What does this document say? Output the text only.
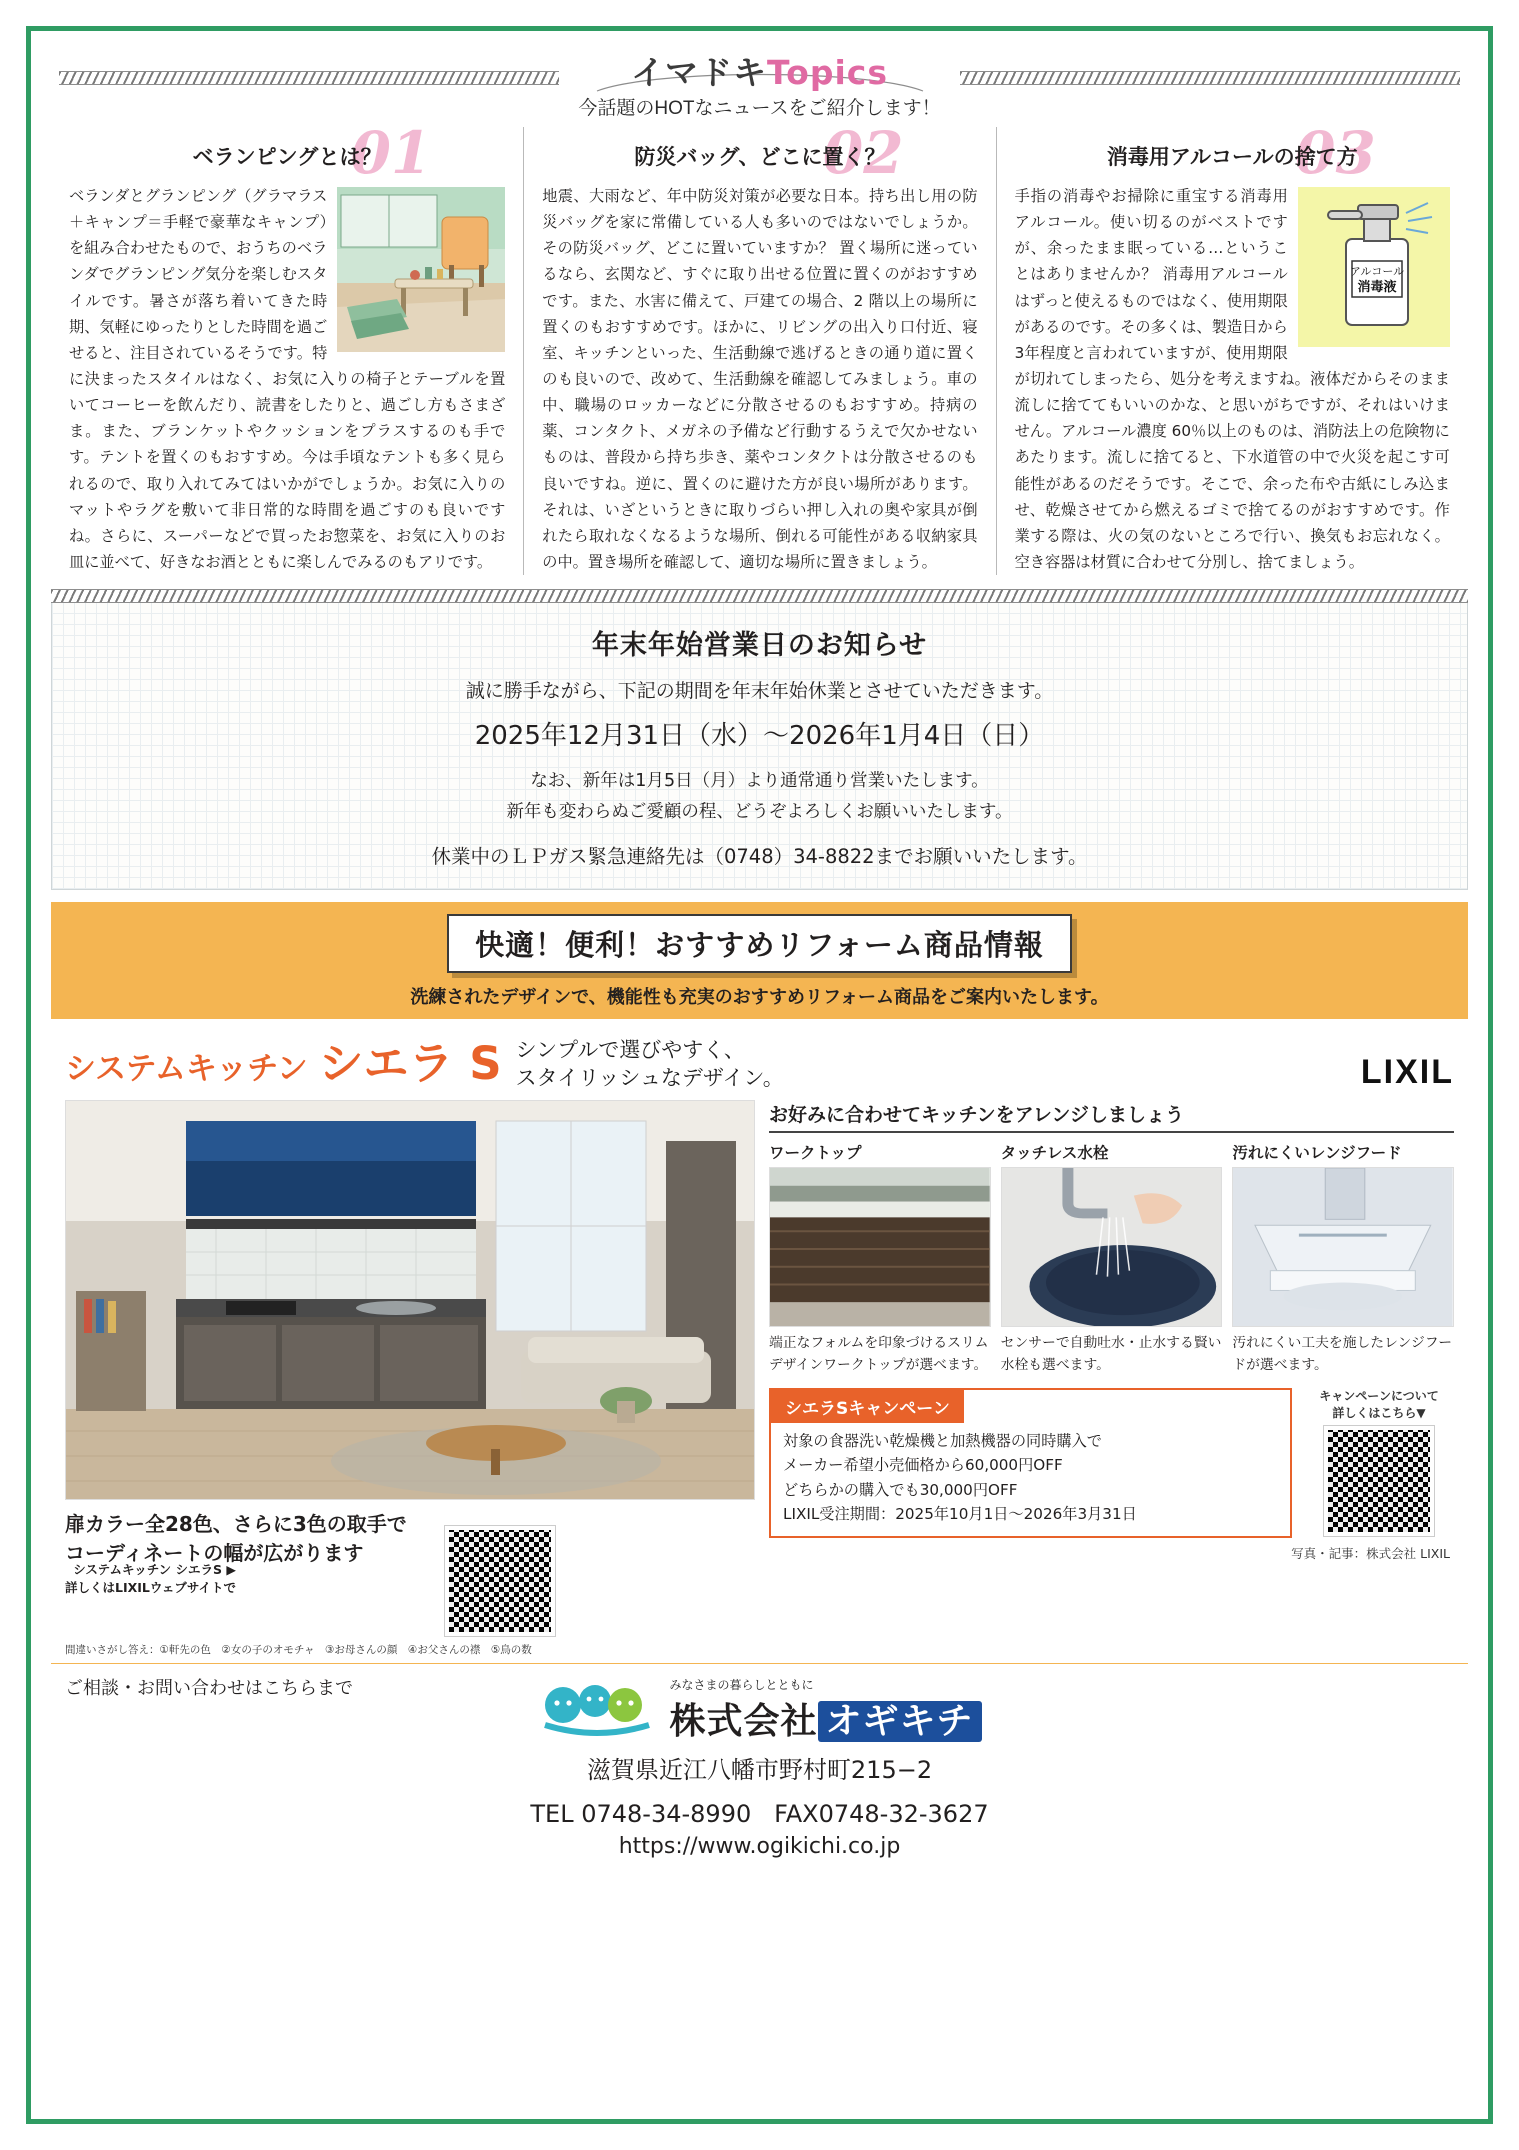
イマドキTopics
今話題のHOTなニュースをご紹介します！
01
ベランピングとは？
ベランダとグランピング（グラマラス＋キャンプ＝手軽で豪華なキャンプ）を組み合わせたもので、おうちのベランダでグランピング気分を楽しむスタイルです。暑さが落ち着いてきた時期、気軽にゆったりとした時間を過ごせると、注目されているそうです。特に決まったスタイルはなく、お気に入りの椅子とテーブルを置いてコーヒーを飲んだり、読書をしたりと、過ごし方もさまざま。また、ブランケットやクッションをプラスするのも手です。テントを置くのもおすすめ。今は手頃なテントも多く見られるので、取り入れてみてはいかがでしょうか。お気に入りのマットやラグを敷いて非日常的な時間を過ごすのも良いですね。さらに、スーパーなどで買ったお惣菜を、お気に入りのお皿に並べて、好きなお酒とともに楽しんでみるのもアリです。
02
防災バッグ、どこに置く？
地震、大雨など、年中防災対策が必要な日本。持ち出し用の防災バッグを家に常備している人も多いのではないでしょうか。その防災バッグ、どこに置いていますか？ 置く場所に迷っているなら、玄関など、すぐに取り出せる位置に置くのがおすすめです。また、水害に備えて、戸建ての場合、2 階以上の場所に置くのもおすすめです。ほかに、リビングの出入り口付近、寝室、キッチンといった、生活動線で逃げるときの通り道に置くのも良いので、改めて、生活動線を確認してみましょう。車の中、職場のロッカーなどに分散させるのもおすすめ。持病の薬、コンタクト、メガネの予備など行動するうえで欠かせないものは、普段から持ち歩き、薬やコンタクトは分散させるのも良いですね。逆に、置くのに避けた方が良い場所があります。それは、いざというときに取りづらい押し入れの奥や家具が倒れたら取れなくなるような場所、倒れる可能性がある収納家具の中。置き場所を確認して、適切な場所に置きましょう。
03
消毒用アルコールの捨て方
アルコール
消毒液
手指の消毒やお掃除に重宝する消毒用アルコール。使い切るのがベストですが、余ったまま眠っている…ということはありませんか？ 消毒用アルコールはずっと使えるものではなく、使用期限があるのです。その多くは、製造日から3年程度と言われていますが、使用期限が切れてしまったら、処分を考えますね。液体だからそのまま流しに捨ててもいいのかな、と思いがちですが、それはいけません。アルコール濃度 60％以上のものは、消防法上の危険物にあたります。流しに捨てると、下水道管の中で火災を起こす可能性があるのだそうです。そこで、余った布や古紙にしみ込ませ、乾燥させてから燃えるゴミで捨てるのがおすすめです。作業する際は、火の気のないところで行い、換気もお忘れなく。空き容器は材質に合わせて分別し、捨てましょう。
年末年始営業日のお知らせ
誠に勝手ながら、下記の期間を年末年始休業とさせていただきます。
2025年12月31日（水）〜2026年1月4日（日）
なお、新年は1月5日（月）より通常通り営業いたします。
新年も変わらぬご愛顧の程、どうぞよろしくお願いいたします。
休業中のＬＰガス緊急連絡先は（0748）34-8822までお願いいたします。
快適！便利！おすすめリフォーム商品情報
洗練されたデザインで、機能性も充実のおすすめリフォーム商品をご案内いたします。
システムキッチン シエラ S シンプルで選びやすく、
スタイリッシュなデザイン。	LIXIL
扉カラー全28色、さらに3色の取手で
コーディネートの幅が広がります
システムキッチン シエラS ▶
詳しくはLIXILウェブサイトで
お好みに合わせてキッチンをアレンジしましょう
ワークトップ
端正なフォルムを印象づけるスリムデザインワークトップが選べます。
タッチレス水栓
センサーで自動吐水・止水する賢い水栓も選べます。
汚れにくいレンジフード
汚れにくい工夫を施したレンジフードが選べます。
シエラSキャンペーン
対象の食器洗い乾燥機と加熱機器の同時購入で
メーカー希望小売価格から60,000円OFF
どちらかの購入でも30,000円OFF
LIXIL受注期間：2025年10月1日〜2026年3月31日
キャンペーンについて
詳しくはこちら▼
写真・記事：株式会社 LIXIL
間違いさがし答え：①軒先の色　②女の子のオモチャ　③お母さんの顔　④お父さんの襟　⑤鳥の数
ご相談・お問い合わせはこちらまで	みなさまの暮らしとともに
株式会社 オギキチ
滋賀県近江八幡市野村町215−2
TEL 0748-34-8990 FAX0748-32-3627
https://www.ogikichi.co.jp
